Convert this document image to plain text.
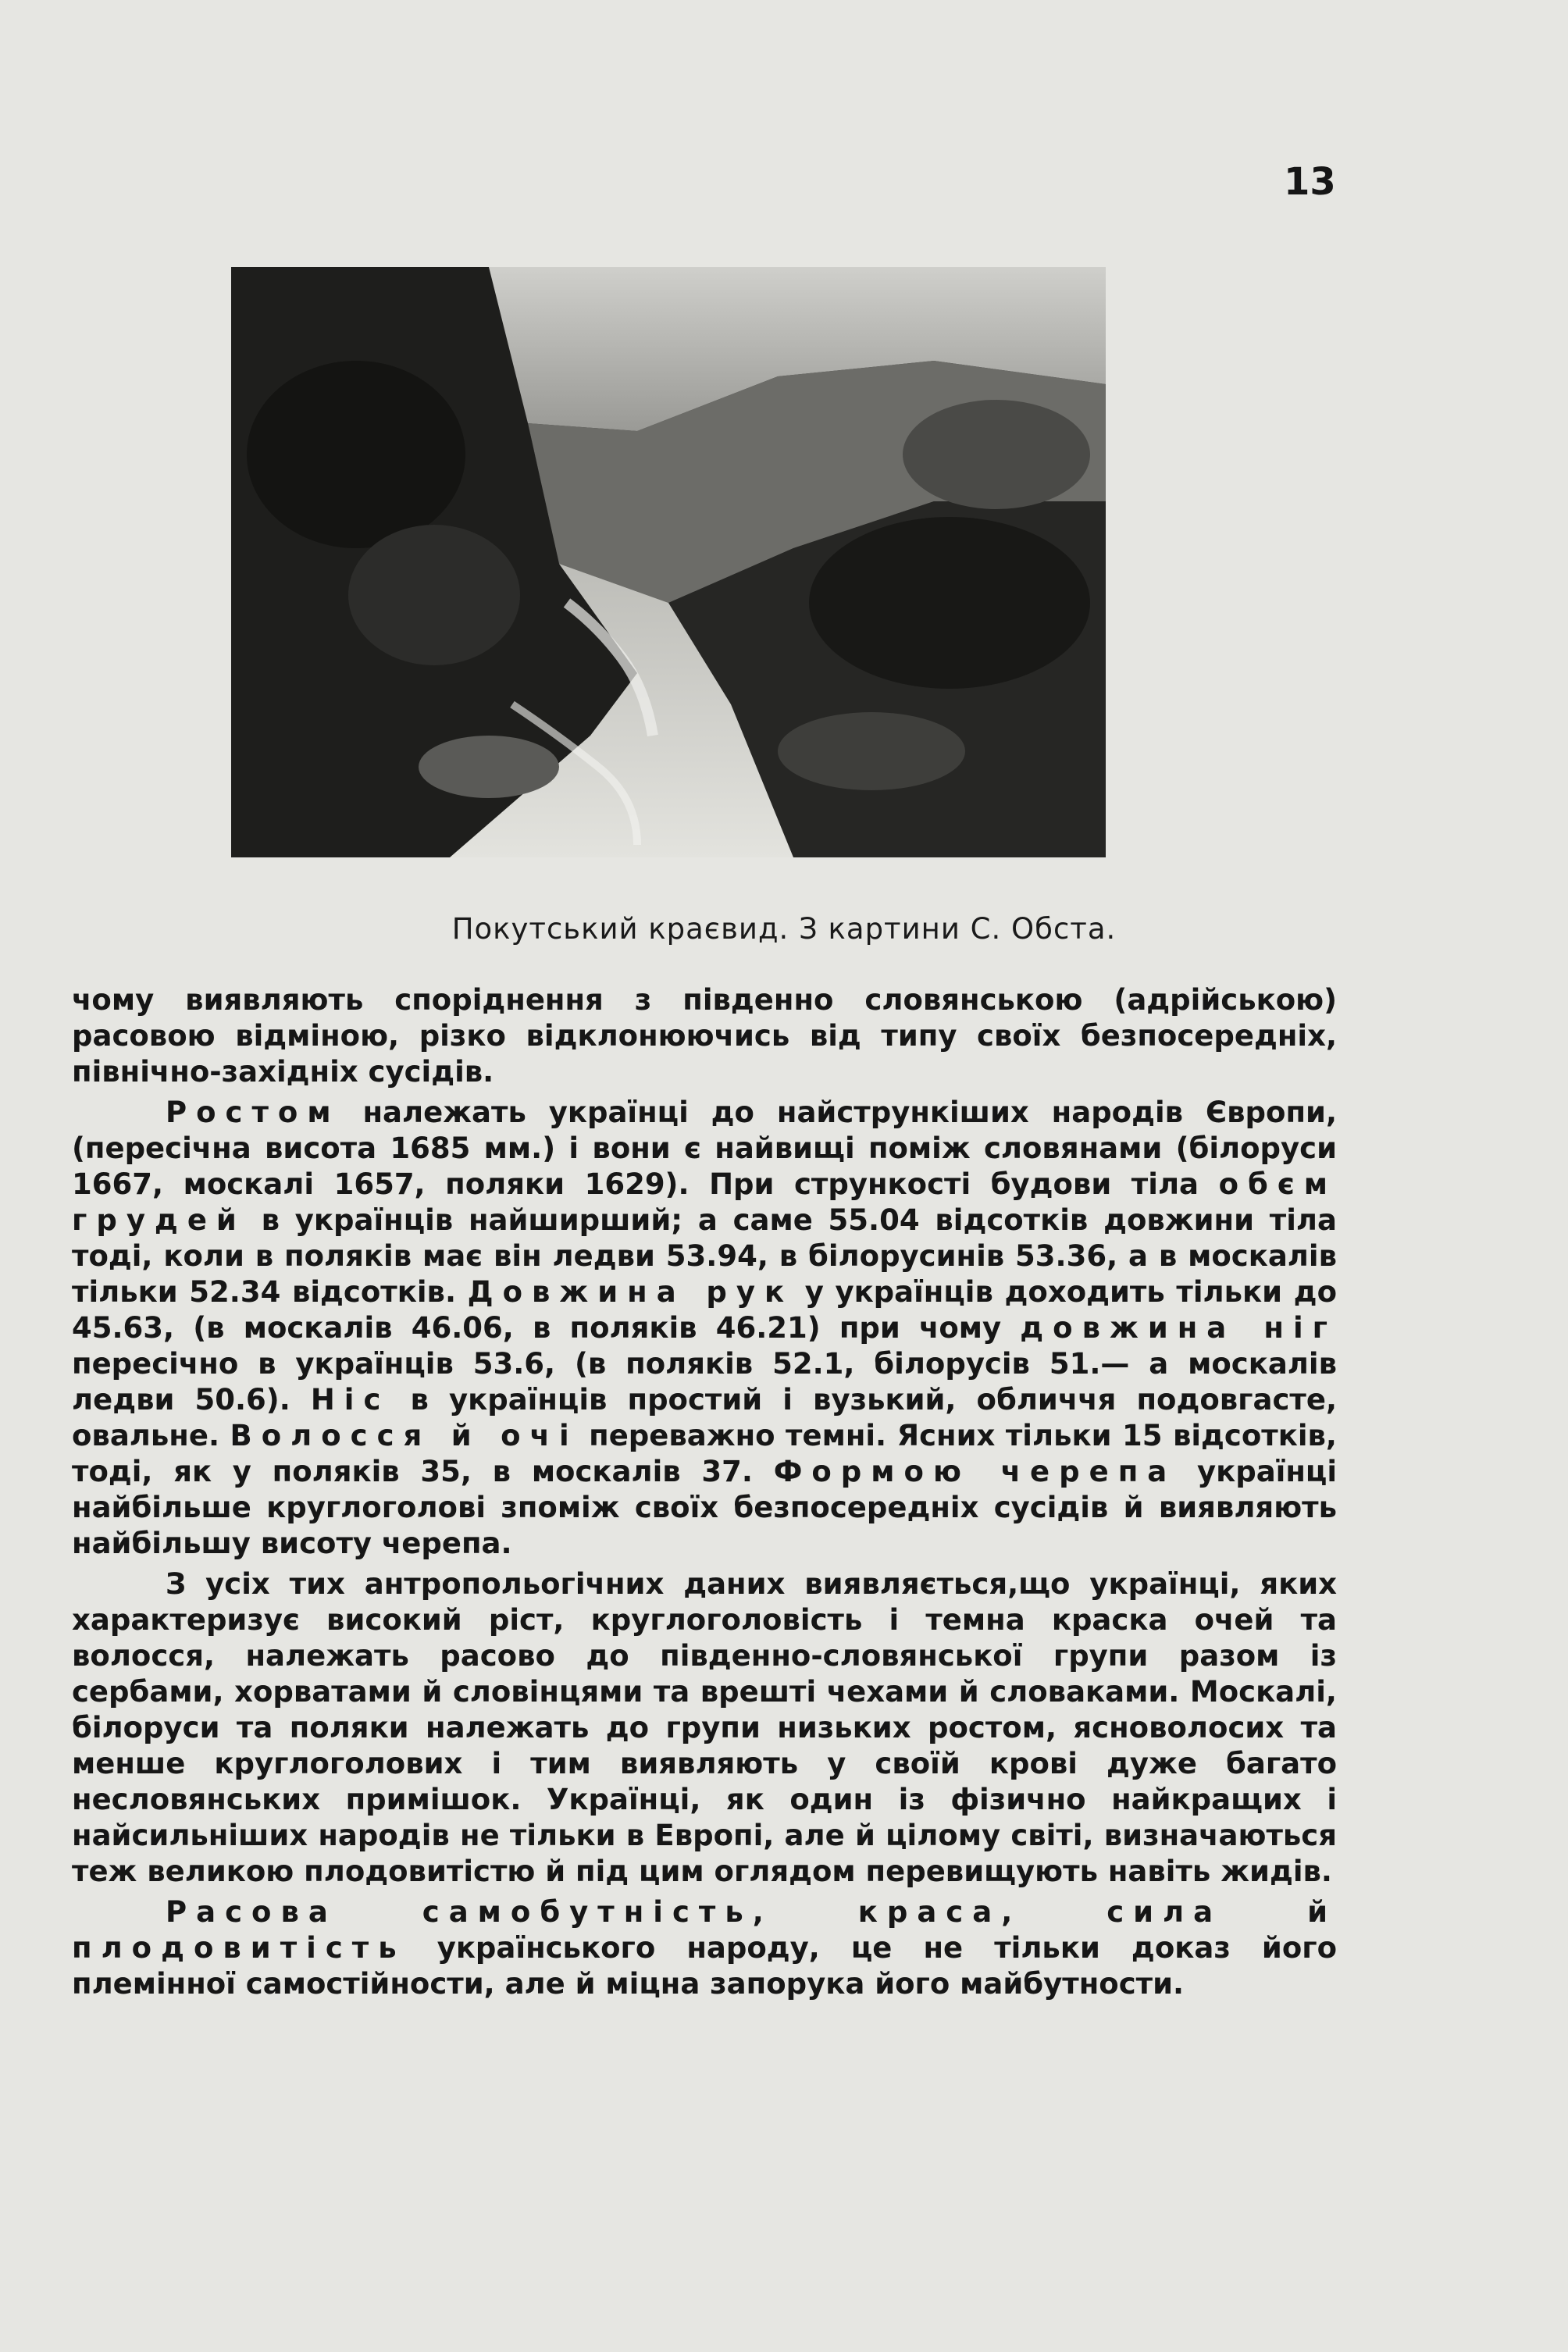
13
Покутський краєвид. З картини С. Обста.

чому виявляють споріднення з південно словянською (адрійською) расовою відміною, різко відклонюючись від типу своїх безпосередніх, північно-західніх сусідів.

Ростом належать українці до найстрункіших народів Європи, (пересічна висота 1685 мм.) і вони є найвищі поміж словянами (білоруси 1667, москалі 1657, поляки 1629). При стрункості будови тіла обєм грудей в українців найширший; а саме 55.04 відсотків довжини тіла тоді, коли в поляків має він ледви 53.94, в білорусинів 53.36, а в москалів тільки 52.34 відсотків. Довжина рук у українців доходить тільки до 45.63, (в москалів 46.06, в поляків 46.21) при чому довжина ніг пересічно в українців 53.6, (в поляків 52.1, білорусів 51.— а москалів ледви 50.6). Ніс в українців простий і вузький, обличчя подовгасте, овальне. Волосся й очі переважно темні. Ясних тільки 15 відсотків, тоді, як у поляків 35, в москалів 37. Формою черепа українці найбільше круглоголові зпоміж своїх безпосередніх сусідів й виявляють найбільшу висоту черепа.

З усіх тих антропольогічних даних виявляється,що українці, яких характеризує високий ріст, круглоголовість і темна краска очей та волосся, належать расово до південно-словянської групи разом із сербами, хорватами й словінцями та врешті чехами й словаками. Москалі, білоруси та поляки належать до групи низьких ростом, ясноволосих та менше круглоголових і тим виявляють у своїй крові дуже багато несловянських примішок. Українці, як один із фізично найкращих і найсильніших народів не тільки в Европі, але й цілому світі, визначаються теж великою плодовитістю й під цим оглядом перевищують навіть жидів.

Расова самобутність, краса, сила й плодовитість українського народу, це не тільки доказ його племінної самостійности, але й міцна запорука його майбутности.
